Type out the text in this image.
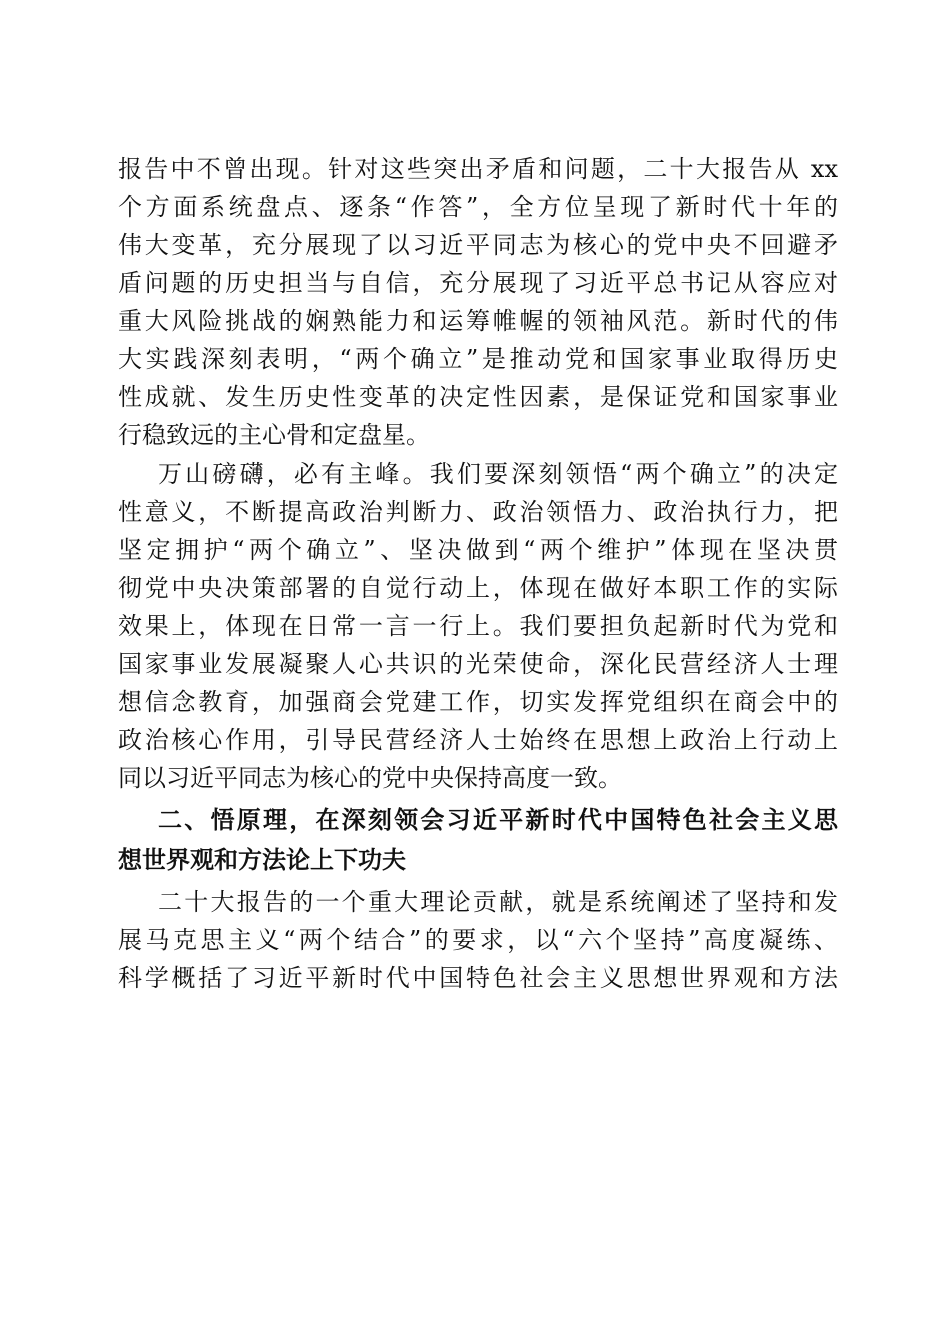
报告中不曾出现。针对这些突出矛盾和问题，二十大报告从 xx
个方面系统盘点、逐条“作答”，全方位呈现了新时代十年的
伟大变革，充分展现了以习近平同志为核心的党中央不回避矛
盾问题的历史担当与自信，充分展现了习近平总书记从容应对
重大风险挑战的娴熟能力和运筹帷幄的领袖风范。新时代的伟
大实践深刻表明，“两个确立”是推动党和国家事业取得历史
性成就、发生历史性变革的决定性因素，是保证党和国家事业
行稳致远的主心骨和定盘星。
万山磅礴，必有主峰。我们要深刻领悟“两个确立”的决定
性意义，不断提高政治判断力、政治领悟力、政治执行力，把
坚定拥护“两个确立”、坚决做到“两个维护”体现在坚决贯
彻党中央决策部署的自觉行动上，体现在做好本职工作的实际
效果上，体现在日常一言一行上。我们要担负起新时代为党和
国家事业发展凝聚人心共识的光荣使命，深化民营经济人士理
想信念教育，加强商会党建工作，切实发挥党组织在商会中的
政治核心作用，引导民营经济人士始终在思想上政治上行动上
同以习近平同志为核心的党中央保持高度一致。
二、悟原理，在深刻领会习近平新时代中国特色社会主义思
想世界观和方法论上下功夫
二十大报告的一个重大理论贡献，就是系统阐述了坚持和发
展马克思主义“两个结合”的要求，以“六个坚持”高度凝练、
科学概括了习近平新时代中国特色社会主义思想世界观和方法
